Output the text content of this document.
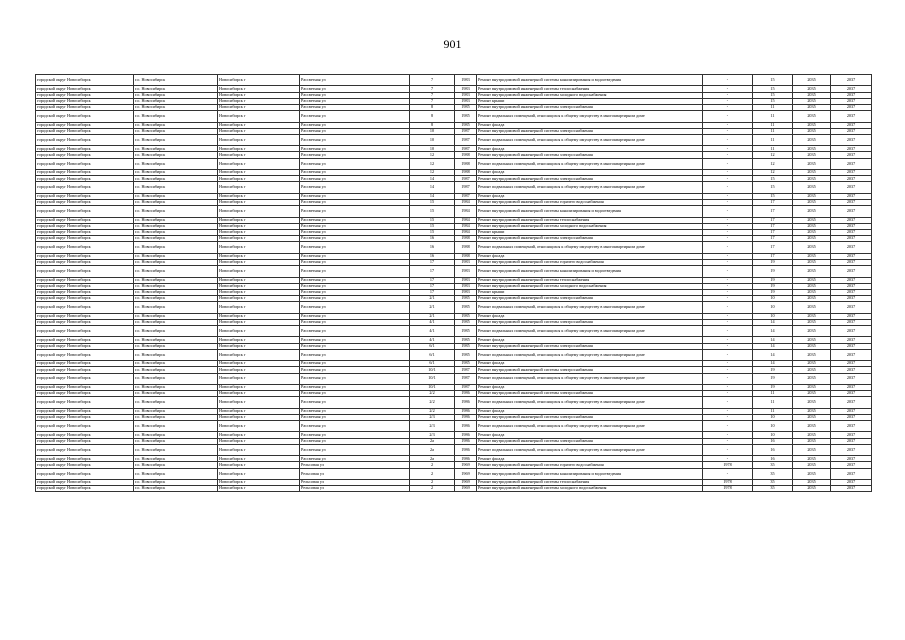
901
городской округ Новосибирск	г.о. Новосибирск	Новосибирск г	Рассветная ул	7	1983	Ремонт внутридомовой инженерной системы канализирования и водоотведения	-	15	2035	2037
городской округ Новосибирск	г.о. Новосибирск	Новосибирск г	Рассветная ул	7	1983	Ремонт внутридомовой инженерной системы теплоснабжения	-	15	2035	2037
городской округ Новосибирск	г.о. Новосибирск	Новосибирск г	Рассветная ул	7	1983	Ремонт внутридомовой инженерной системы холодного водоснабжения	-	15	2035	2037
городской округ Новосибирск	г.о. Новосибирск	Новосибирск г	Рассветная ул	7	1983	Ремонт крыши	-	15	2035	2037
городской округ Новосибирск	г.о. Новосибирск	Новосибирск г	Рассветная ул	8	1985	Ремонт внутридомовой инженерной системы электроснабжения	-	11	2035	2037
городской округ Новосибирск	г.о. Новосибирск	Новосибирск г	Рассветная ул	8	1985	Ремонт подвальных помещений, относящихся к общему имуществу в многоквартирном доме	-	11	2035	2037
городской округ Новосибирск	г.о. Новосибирск	Новосибирск г	Рассветная ул	8	1985	Ремонт фасада	-	11	2035	2037
городской округ Новосибирск	г.о. Новосибирск	Новосибирск г	Рассветная ул	10	1987	Ремонт внутридомовой инженерной системы электроснабжения	-	11	2035	2037
городской округ Новосибирск	г.о. Новосибирск	Новосибирск г	Рассветная ул	10	1987	Ремонт подвальных помещений, относящихся к общему имуществу в многоквартирном доме	-	11	2035	2037
городской округ Новосибирск	г.о. Новосибирск	Новосибирск г	Рассветная ул	10	1987	Ремонт фасада	-	11	2035	2037
городской округ Новосибирск	г.о. Новосибирск	Новосибирск г	Рассветная ул	12	1988	Ремонт внутридомовой инженерной системы электроснабжения	-	12	2035	2037
городской округ Новосибирск	г.о. Новосибирск	Новосибирск г	Рассветная ул	12	1988	Ремонт подвальных помещений, относящихся к общему имуществу в многоквартирном доме	-	12	2035	2037
городской округ Новосибирск	г.о. Новосибирск	Новосибирск г	Рассветная ул	12	1988	Ремонт фасада	-	12	2035	2037
городской округ Новосибирск	г.о. Новосибирск	Новосибирск г	Рассветная ул	14	1987	Ремонт внутридомовой инженерной системы электроснабжения	-	15	2035	2037
городской округ Новосибирск	г.о. Новосибирск	Новосибирск г	Рассветная ул	14	1987	Ремонт подвальных помещений, относящихся к общему имуществу в многоквартирном доме	-	15	2035	2037
городской округ Новосибирск	г.о. Новосибирск	Новосибирск г	Рассветная ул	14	1987	Ремонт фасада	-	15	2035	2037
городской округ Новосибирск	г.о. Новосибирск	Новосибирск г	Рассветная ул	15	1984	Ремонт внутридомовой инженерной системы горячего водоснабжения	-	17	2035	2037
городской округ Новосибирск	г.о. Новосибирск	Новосибирск г	Рассветная ул	15	1984	Ремонт внутридомовой инженерной системы канализирования и водоотведения	-	17	2035	2037
городской округ Новосибирск	г.о. Новосибирск	Новосибирск г	Рассветная ул	15	1984	Ремонт внутридомовой инженерной системы теплоснабжения	-	17	2035	2037
городской округ Новосибирск	г.о. Новосибирск	Новосибирск г	Рассветная ул	15	1984	Ремонт внутридомовой инженерной системы холодного водоснабжения	-	17	2035	2037
городской округ Новосибирск	г.о. Новосибирск	Новосибирск г	Рассветная ул	15	1984	Ремонт крыши	-	17	2035	2037
городской округ Новосибирск	г.о. Новосибирск	Новосибирск г	Рассветная ул	16	1988	Ремонт внутридомовой инженерной системы электроснабжения	-	17	2035	2037
городской округ Новосибирск	г.о. Новосибирск	Новосибирск г	Рассветная ул	16	1988	Ремонт подвальных помещений, относящихся к общему имуществу в многоквартирном доме	-	17	2035	2037
городской округ Новосибирск	г.о. Новосибирск	Новосибирск г	Рассветная ул	16	1988	Ремонт фасада	-	17	2035	2037
городской округ Новосибирск	г.о. Новосибирск	Новосибирск г	Рассветная ул	17	1983	Ремонт внутридомовой инженерной системы горячего водоснабжения	-	19	2035	2037
городской округ Новосибирск	г.о. Новосибирск	Новосибирск г	Рассветная ул	17	1983	Ремонт внутридомовой инженерной системы канализирования и водоотведения	-	19	2035	2037
городской округ Новосибирск	г.о. Новосибирск	Новосибирск г	Рассветная ул	17	1983	Ремонт внутридомовой инженерной системы теплоснабжения	-	19	2035	2037
городской округ Новосибирск	г.о. Новосибирск	Новосибирск г	Рассветная ул	17	1983	Ремонт внутридомовой инженерной системы холодного водоснабжения	-	19	2035	2037
городской округ Новосибирск	г.о. Новосибирск	Новосибирск г	Рассветная ул	17	1983	Ремонт крыши	-	19	2035	2037
городской округ Новосибирск	г.о. Новосибирск	Новосибирск г	Рассветная ул	2/1	1985	Ремонт внутридомовой инженерной системы электроснабжения	-	10	2035	2037
городской округ Новосибирск	г.о. Новосибирск	Новосибирск г	Рассветная ул	2/1	1985	Ремонт подвальных помещений, относящихся к общему имуществу в многоквартирном доме	-	10	2035	2037
городской округ Новосибирск	г.о. Новосибирск	Новосибирск г	Рассветная ул	2/1	1985	Ремонт фасада	-	10	2035	2037
городской округ Новосибирск	г.о. Новосибирск	Новосибирск г	Рассветная ул	4/1	1985	Ремонт внутридомовой инженерной системы электроснабжения	-	14	2035	2037
городской округ Новосибирск	г.о. Новосибирск	Новосибирск г	Рассветная ул	4/1	1985	Ремонт подвальных помещений, относящихся к общему имуществу в многоквартирном доме	-	14	2035	2037
городской округ Новосибирск	г.о. Новосибирск	Новосибирск г	Рассветная ул	4/1	1985	Ремонт фасада	-	14	2035	2037
городской округ Новосибирск	г.о. Новосибирск	Новосибирск г	Рассветная ул	6/1	1985	Ремонт внутридомовой инженерной системы электроснабжения	-	14	2035	2037
городской округ Новосибирск	г.о. Новосибирск	Новосибирск г	Рассветная ул	6/1	1985	Ремонт подвальных помещений, относящихся к общему имуществу в многоквартирном доме	-	14	2035	2037
городской округ Новосибирск	г.о. Новосибирск	Новосибирск г	Рассветная ул	6/1	1985	Ремонт фасада	-	14	2035	2037
городской округ Новосибирск	г.о. Новосибирск	Новосибирск г	Рассветная ул	10/1	1987	Ремонт внутридомовой инженерной системы электроснабжения	-	19	2035	2037
городской округ Новосибирск	г.о. Новосибирск	Новосибирск г	Рассветная ул	10/1	1987	Ремонт подвальных помещений, относящихся к общему имуществу в многоквартирном доме	-	19	2035	2037
городской округ Новосибирск	г.о. Новосибирск	Новосибирск г	Рассветная ул	10/1	1987	Ремонт фасада	-	19	2035	2037
городской округ Новосибирск	г.о. Новосибирск	Новосибирск г	Рассветная ул	2/2	1986	Ремонт внутридомовой инженерной системы электроснабжения	-	11	2035	2037
городской округ Новосибирск	г.о. Новосибирск	Новосибирск г	Рассветная ул	2/2	1986	Ремонт подвальных помещений, относящихся к общему имуществу в многоквартирном доме	-	11	2035	2037
городской округ Новосибирск	г.о. Новосибирск	Новосибирск г	Рассветная ул	2/2	1986	Ремонт фасада	-	11	2035	2037
городской округ Новосибирск	г.о. Новосибирск	Новосибирск г	Рассветная ул	2/3	1986	Ремонт внутридомовой инженерной системы электроснабжения	-	10	2035	2037
городской округ Новосибирск	г.о. Новосибирск	Новосибирск г	Рассветная ул	2/3	1986	Ремонт подвальных помещений, относящихся к общему имуществу в многоквартирном доме	-	10	2035	2037
городской округ Новосибирск	г.о. Новосибирск	Новосибирск г	Рассветная ул	2/3	1986	Ремонт фасада	-	10	2035	2037
городской округ Новосибирск	г.о. Новосибирск	Новосибирск г	Рассветная ул	2а	1986	Ремонт внутридомовой инженерной системы электроснабжения	-	16	2035	2037
городской округ Новосибирск	г.о. Новосибирск	Новосибирск г	Рассветная ул	2а	1986	Ремонт подвальных помещений, относящихся к общему имуществу в многоквартирном доме	-	16	2035	2037
городской округ Новосибирск	г.о. Новосибирск	Новосибирск г	Рассветная ул	2а	1986	Ремонт фасада	-	16	2035	2037
городской округ Новосибирск	г.о. Новосибирск	Новосибирск г	Рельсовая ул	2	1969	Ремонт внутридомовой инженерной системы горячего водоснабжения	1978	35	2035	2037
городской округ Новосибирск	г.о. Новосибирск	Новосибирск г	Рельсовая ул	2	1969	Ремонт внутридомовой инженерной системы канализирования и водоотведения	-	35	2035	2037
городской округ Новосибирск	г.о. Новосибирск	Новосибирск г	Рельсовая ул	2	1969	Ремонт внутридомовой инженерной системы теплоснабжения	1978	35	2035	2037
городской округ Новосибирск	г.о. Новосибирск	Новосибирск г	Рельсовая ул	2	1969	Ремонт внутридомовой инженерной системы холодного водоснабжения	1978	35	2035	2037
